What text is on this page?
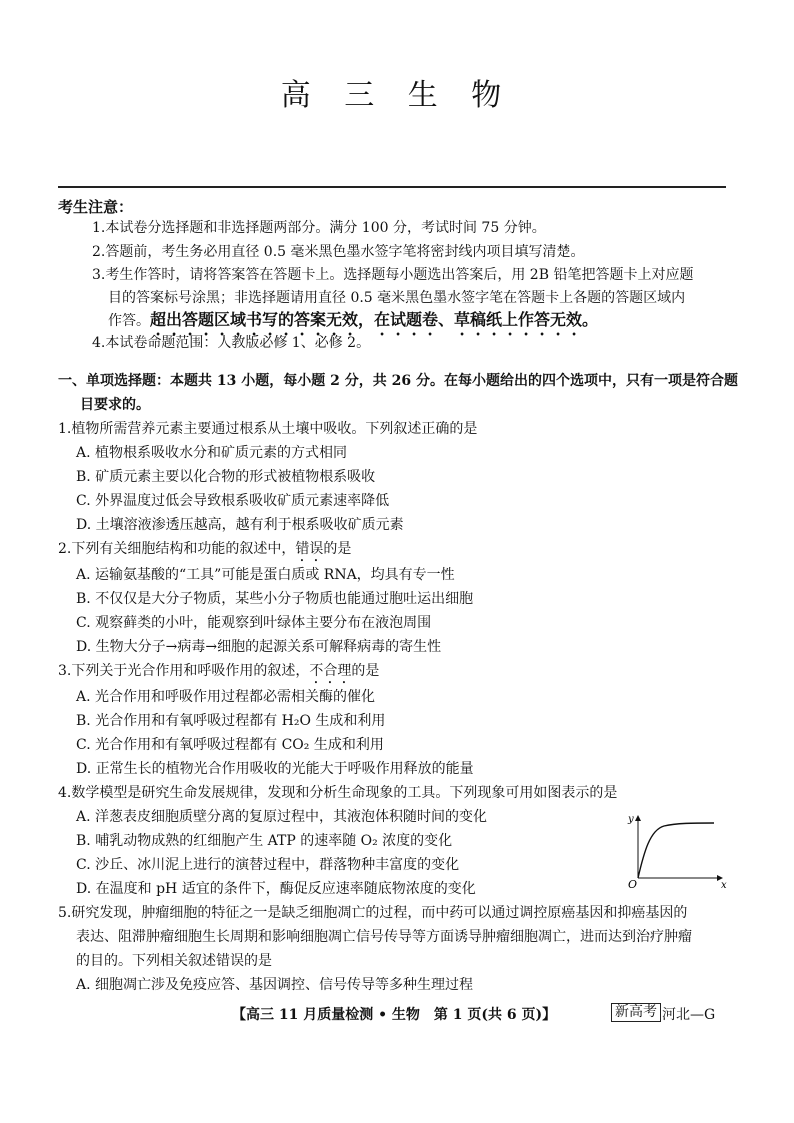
高 三 生 物
考生注意：
1.本试卷分选择题和非选择题两部分。满分 100 分，考试时间 75 分钟。
2.答题前，考生务必用直径 0.5 毫米黑色墨水签字笔将密封线内项目填写清楚。
3.考生作答时，请将答案答在答题卡上。选择题每小题选出答案后，用 2B 铅笔把答题卡上对应题
目的答案标号涂黑；非选择题请用直径 0.5 毫米黑色墨水签字笔在答题卡上各题的答题区域内
作答。超出答题区域书写的答案无效，在试题卷、草稿纸上作答无效。
4.本试卷命题范围：人教版必修 1、必修 2。
一、单项选择题：本题共 13 小题，每小题 2 分，共 26 分。在每小题给出的四个选项中，只有一项是符合题
目要求的。
1.植物所需营养元素主要通过根系从土壤中吸收。下列叙述正确的是
A. 植物根系吸收水分和矿质元素的方式相同
B. 矿质元素主要以化合物的形式被植物根系吸收
C. 外界温度过低会导致根系吸收矿质元素速率降低
D. 土壤溶液渗透压越高，越有利于根系吸收矿质元素
2.下列有关细胞结构和功能的叙述中，错误的是
A. 运输氨基酸的“工具”可能是蛋白质或 RNA，均具有专一性
B. 不仅仅是大分子物质，某些小分子物质也能通过胞吐运出细胞
C. 观察藓类的小叶，能观察到叶绿体主要分布在液泡周围
D. 生物大分子→病毒→细胞的起源关系可解释病毒的寄生性
3.下列关于光合作用和呼吸作用的叙述，不合理的是
A. 光合作用和呼吸作用过程都必需相关酶的催化
B. 光合作用和有氧呼吸过程都有 H₂O 生成和利用
C. 光合作用和有氧呼吸过程都有 CO₂ 生成和利用
D. 正常生长的植物光合作用吸收的光能大于呼吸作用释放的能量
4.数学模型是研究生命发展规律，发现和分析生命现象的工具。下列现象可用如图表示的是
A. 洋葱表皮细胞质壁分离的复原过程中，其液泡体积随时间的变化
B. 哺乳动物成熟的红细胞产生 ATP 的速率随 O₂ 浓度的变化
C. 沙丘、冰川泥上进行的演替过程中，群落物种丰富度的变化
D. 在温度和 pH 适宜的条件下，酶促反应速率随底物浓度的变化
y
x
O
5.研究发现，肿瘤细胞的特征之一是缺乏细胞凋亡的过程，而中药可以通过调控原癌基因和抑癌基因的
表达、阻滞肿瘤细胞生长周期和影响细胞凋亡信号传导等方面诱导肿瘤细胞凋亡，进而达到治疗肿瘤
的目的。下列相关叙述错误的是
A. 细胞凋亡涉及免疫应答、基因调控、信号传导等多种生理过程
【高三 11 月质量检测 • 生物　第 1 页(共 6 页)】	新高考 河北—G
